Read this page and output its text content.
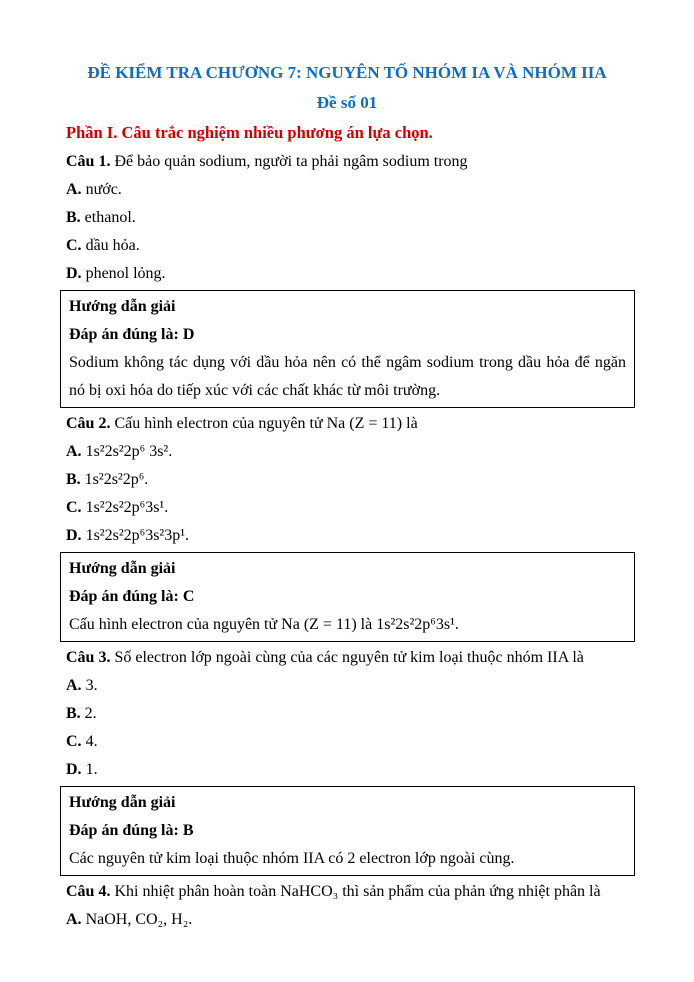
ĐỀ KIỂM TRA CHƯƠNG 7: NGUYÊN TỐ NHÓM IA VÀ NHÓM IIA
Đề số 01

Phần I. Câu trắc nghiệm nhiều phương án lựa chọn.

Câu 1. Để bảo quản sodium, người ta phải ngâm sodium trong

A. nước.

B. ethanol.

C. dầu hỏa.

D. phenol lỏng.

Hướng dẫn giải

Đáp án đúng là: D

Sodium không tác dụng với dầu hỏa nên có thể ngâm sodium trong dầu hỏa để ngăn nó bị oxi hóa do tiếp xúc với các chất khác từ môi trường.

Câu 2. Cấu hình electron của nguyên tử Na (Z = 11) là

A. 1s²2s²2p⁶ 3s².

B. 1s²2s²2p⁶.

C. 1s²2s²2p⁶3s¹.

D. 1s²2s²2p⁶3s²3p¹.

Hướng dẫn giải

Đáp án đúng là: C

Cấu hình electron của nguyên tử Na (Z = 11) là 1s²2s²2p⁶3s¹.

Câu 3. Số electron lớp ngoài cùng của các nguyên tử kim loại thuộc nhóm IIA là

A. 3.

B. 2.

C. 4.

D. 1.

Hướng dẫn giải

Đáp án đúng là: B

Các nguyên tử kim loại thuộc nhóm IIA có 2 electron lớp ngoài cùng.

Câu 4. Khi nhiệt phân hoàn toàn NaHCO₃ thì sản phẩm của phản ứng nhiệt phân là

A. NaOH, CO₂, H₂.
